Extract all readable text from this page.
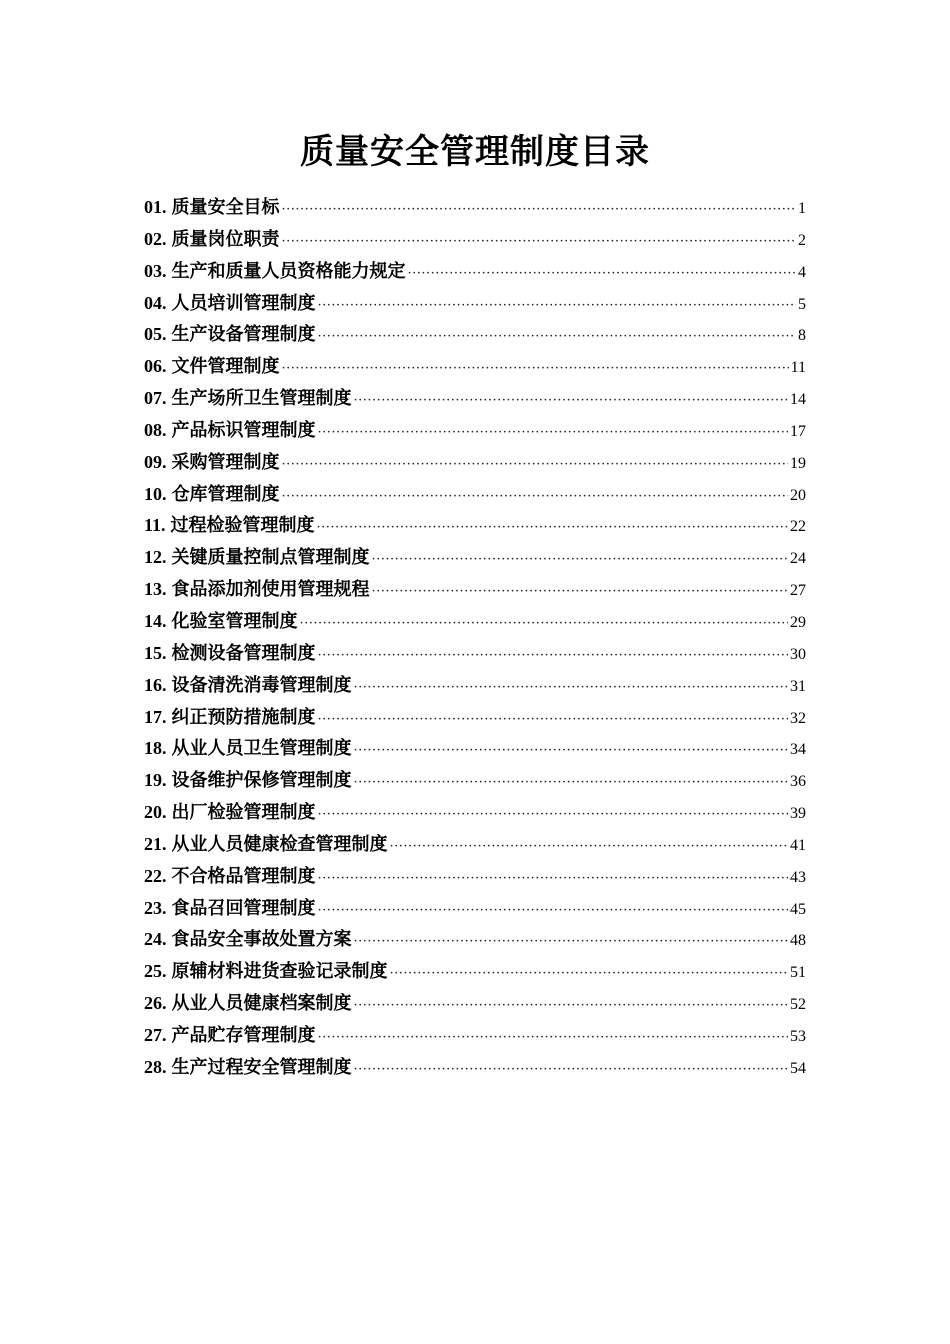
质量安全管理制度目录
01. 质量安全目标 ·····	1
02. 质量岗位职责 ·····	2
03. 生产和质量人员资格能力规定 ·····	4
04. 人员培训管理制度 ·····	5
05. 生产设备管理制度 ·····	8
06. 文件管理制度 ·····	11
07. 生产场所卫生管理制度 ·····	14
08. 产品标识管理制度 ·····	17
09. 采购管理制度 ·····	19
10. 仓库管理制度 ·····	20
11. 过程检验管理制度 ·····	22
12. 关键质量控制点管理制度 ·····	24
13. 食品添加剂使用管理规程 ·····	27
14. 化验室管理制度 ·····	29
15. 检测设备管理制度 ·····	30
16. 设备清洗消毒管理制度 ·····	31
17. 纠正预防措施制度 ·····	32
18. 从业人员卫生管理制度 ·····	34
19. 设备维护保修管理制度 ·····	36
20. 出厂检验管理制度 ·····	39
21. 从业人员健康检查管理制度 ·····	41
22. 不合格品管理制度 ·····	43
23. 食品召回管理制度 ·····	45
24. 食品安全事故处置方案 ·····	48
25. 原辅材料进货查验记录制度 ·····	51
26. 从业人员健康档案制度 ·····	52
27. 产品贮存管理制度 ·····	53
28. 生产过程安全管理制度 ·····	54
